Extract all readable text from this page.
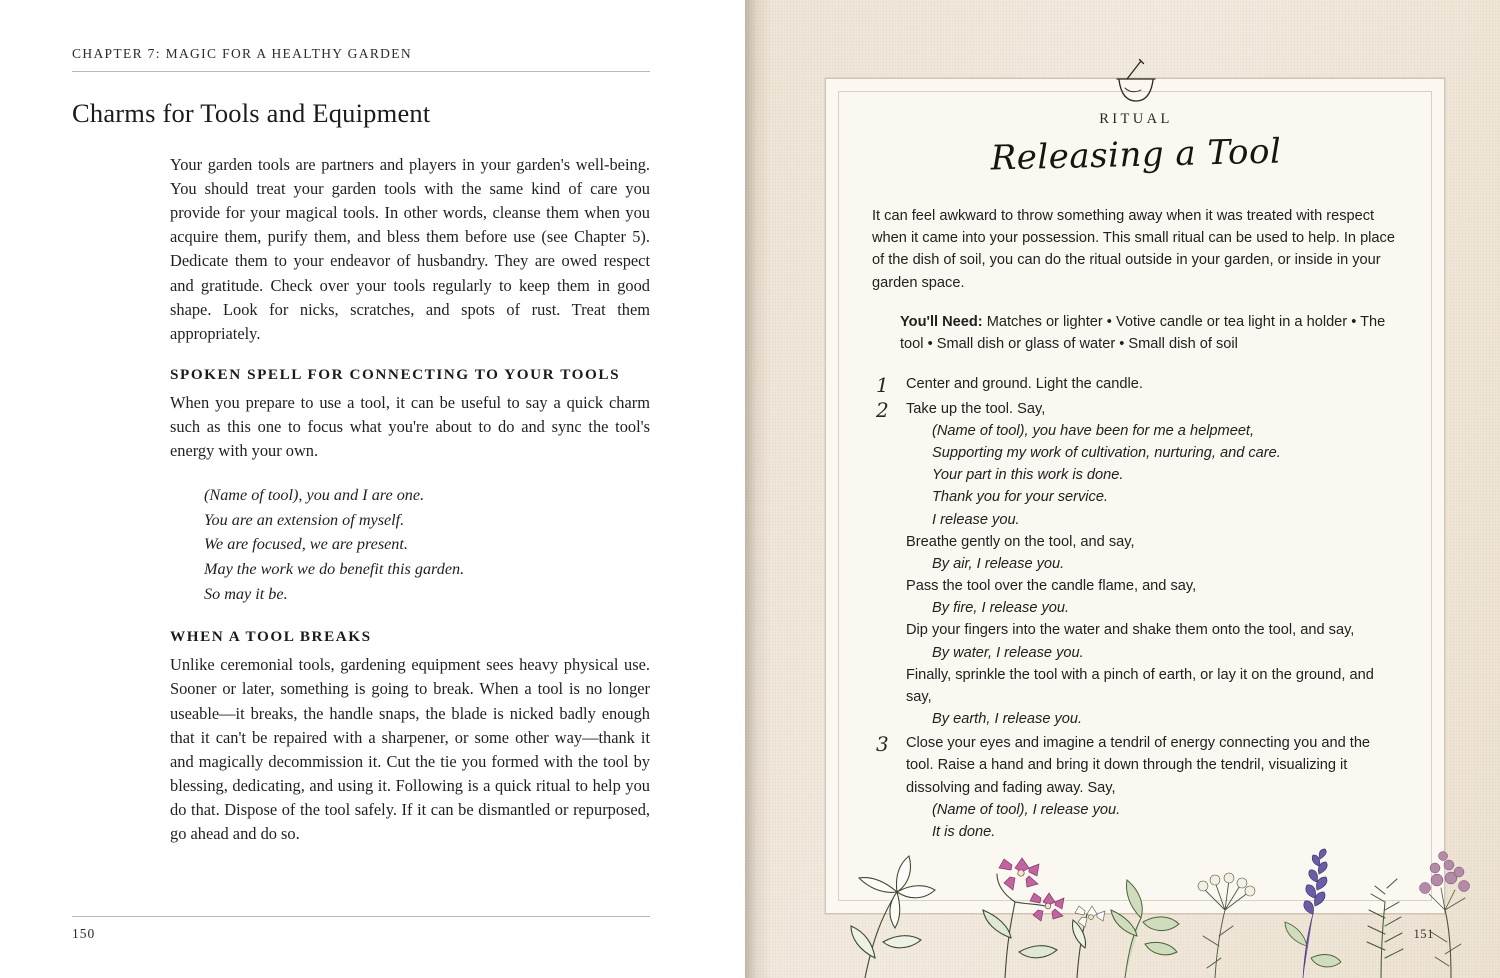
CHAPTER 7: MAGIC FOR A HEALTHY GARDEN
Charms for Tools and Equipment

Your garden tools are partners and players in your garden's well-being. You should treat your garden tools with the same kind of care you provide for your magical tools. In other words, cleanse them when you acquire them, purify them, and bless them before use (see Chapter 5). Dedicate them to your endeavor of husbandry. They are owed respect and gratitude. Check over your tools regularly to keep them in good shape. Look for nicks, scratches, and spots of rust. Treat them appropriately.

SPOKEN SPELL FOR CONNECTING TO YOUR TOOLS

When you prepare to use a tool, it can be useful to say a quick charm such as this one to focus what you're about to do and sync the tool's energy with your own.

(Name of tool), you and I are one.
You are an extension of myself.
We are focused, we are present.
May the work we do benefit this garden.
So may it be.
WHEN A TOOL BREAKS

Unlike ceremonial tools, gardening equipment sees heavy physical use. Sooner or later, something is going to break. When a tool is no longer useable—it breaks, the handle snaps, the blade is nicked badly enough that it can't be repaired with a sharpener, or some other way—thank it and magically decommission it. Cut the tie you formed with the tool by blessing, dedicating, and using it. Following is a quick ritual to help you do that. Dispose of the tool safely. If it can be dismantled or repurposed, go ahead and do so.

150
RITUAL
Releasing a Tool

It can feel awkward to throw something away when it was treated with respect when it came into your possession. This small ritual can be used to help. In place of the dish of soil, you can do the ritual outside in your garden, or inside in your garden space.

You'll Need: Matches or lighter • Votive candle or tea light in a holder • The tool • Small dish or glass of water • Small dish of soil
1 Center and ground. Light the candle.
2 Take up the tool. Say,
(Name of tool), you have been for me a helpmeet,
Supporting my work of cultivation, nurturing, and care.
Your part in this work is done.
Thank you for your service.
I release you.
Breathe gently on the tool, and say,
By air, I release you.
Pass the tool over the candle flame, and say,
By fire, I release you.
Dip your fingers into the water and shake them onto the tool, and say,
By water, I release you.
Finally, sprinkle the tool with a pinch of earth, or lay it on the ground, and say,
By earth, I release you.
3 Close your eyes and imagine a tendril of energy connecting you and the tool. Raise a hand and bring it down through the tendril, visualizing it dissolving and fading away. Say,
(Name of tool), I release you.
It is done.
151
